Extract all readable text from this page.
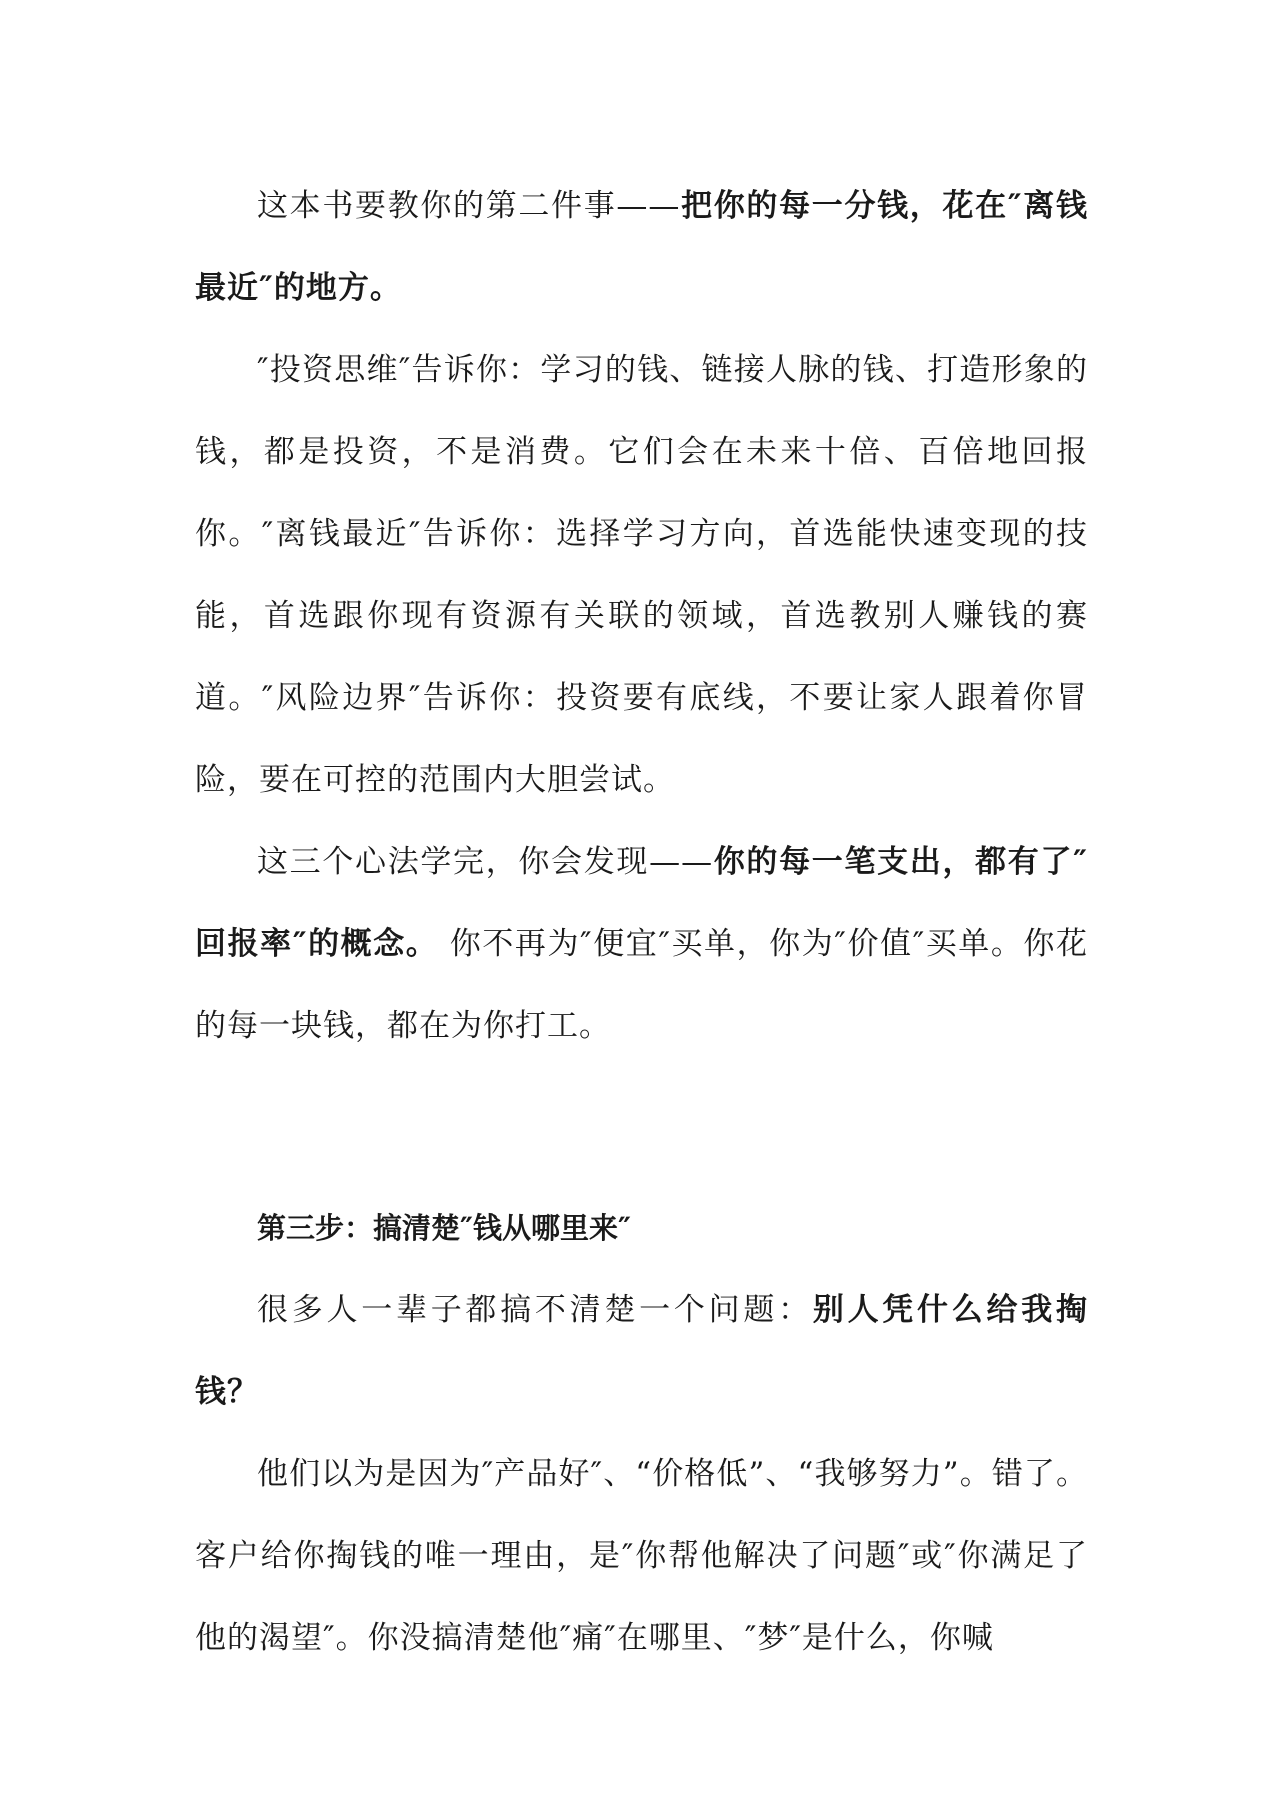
这本书要教你的第二件事——把你的每一分钱，花在″离钱最近″的地方。

″投资思维″告诉你：学习的钱、链接人脉的钱、打造形象的钱，都是投资，不是消费。它们会在未来十倍、百倍地回报你。″离钱最近″告诉你：选择学习方向，首选能快速变现的技能，首选跟你现有资源有关联的领域，首选教别人赚钱的赛道。″风险边界″告诉你：投资要有底线，不要让家人跟着你冒险，要在可控的范围内大胆尝试。

这三个心法学完，你会发现——你的每一笔支出，都有了″回报率″的概念。 你不再为″便宜″买单，你为″价值″买单。你花的每一块钱，都在为你打工。

第三步：搞清楚″钱从哪里来″

很多人一辈子都搞不清楚一个问题：别人凭什么给我掏钱？

他们以为是因为″产品好″、“价格低”、“我够努力”。错了。客户给你掏钱的唯一理由，是″你帮他解决了问题″或″你满足了他的渴望″。你没搞清楚他″痛″在哪里、″梦″是什么，你喊
